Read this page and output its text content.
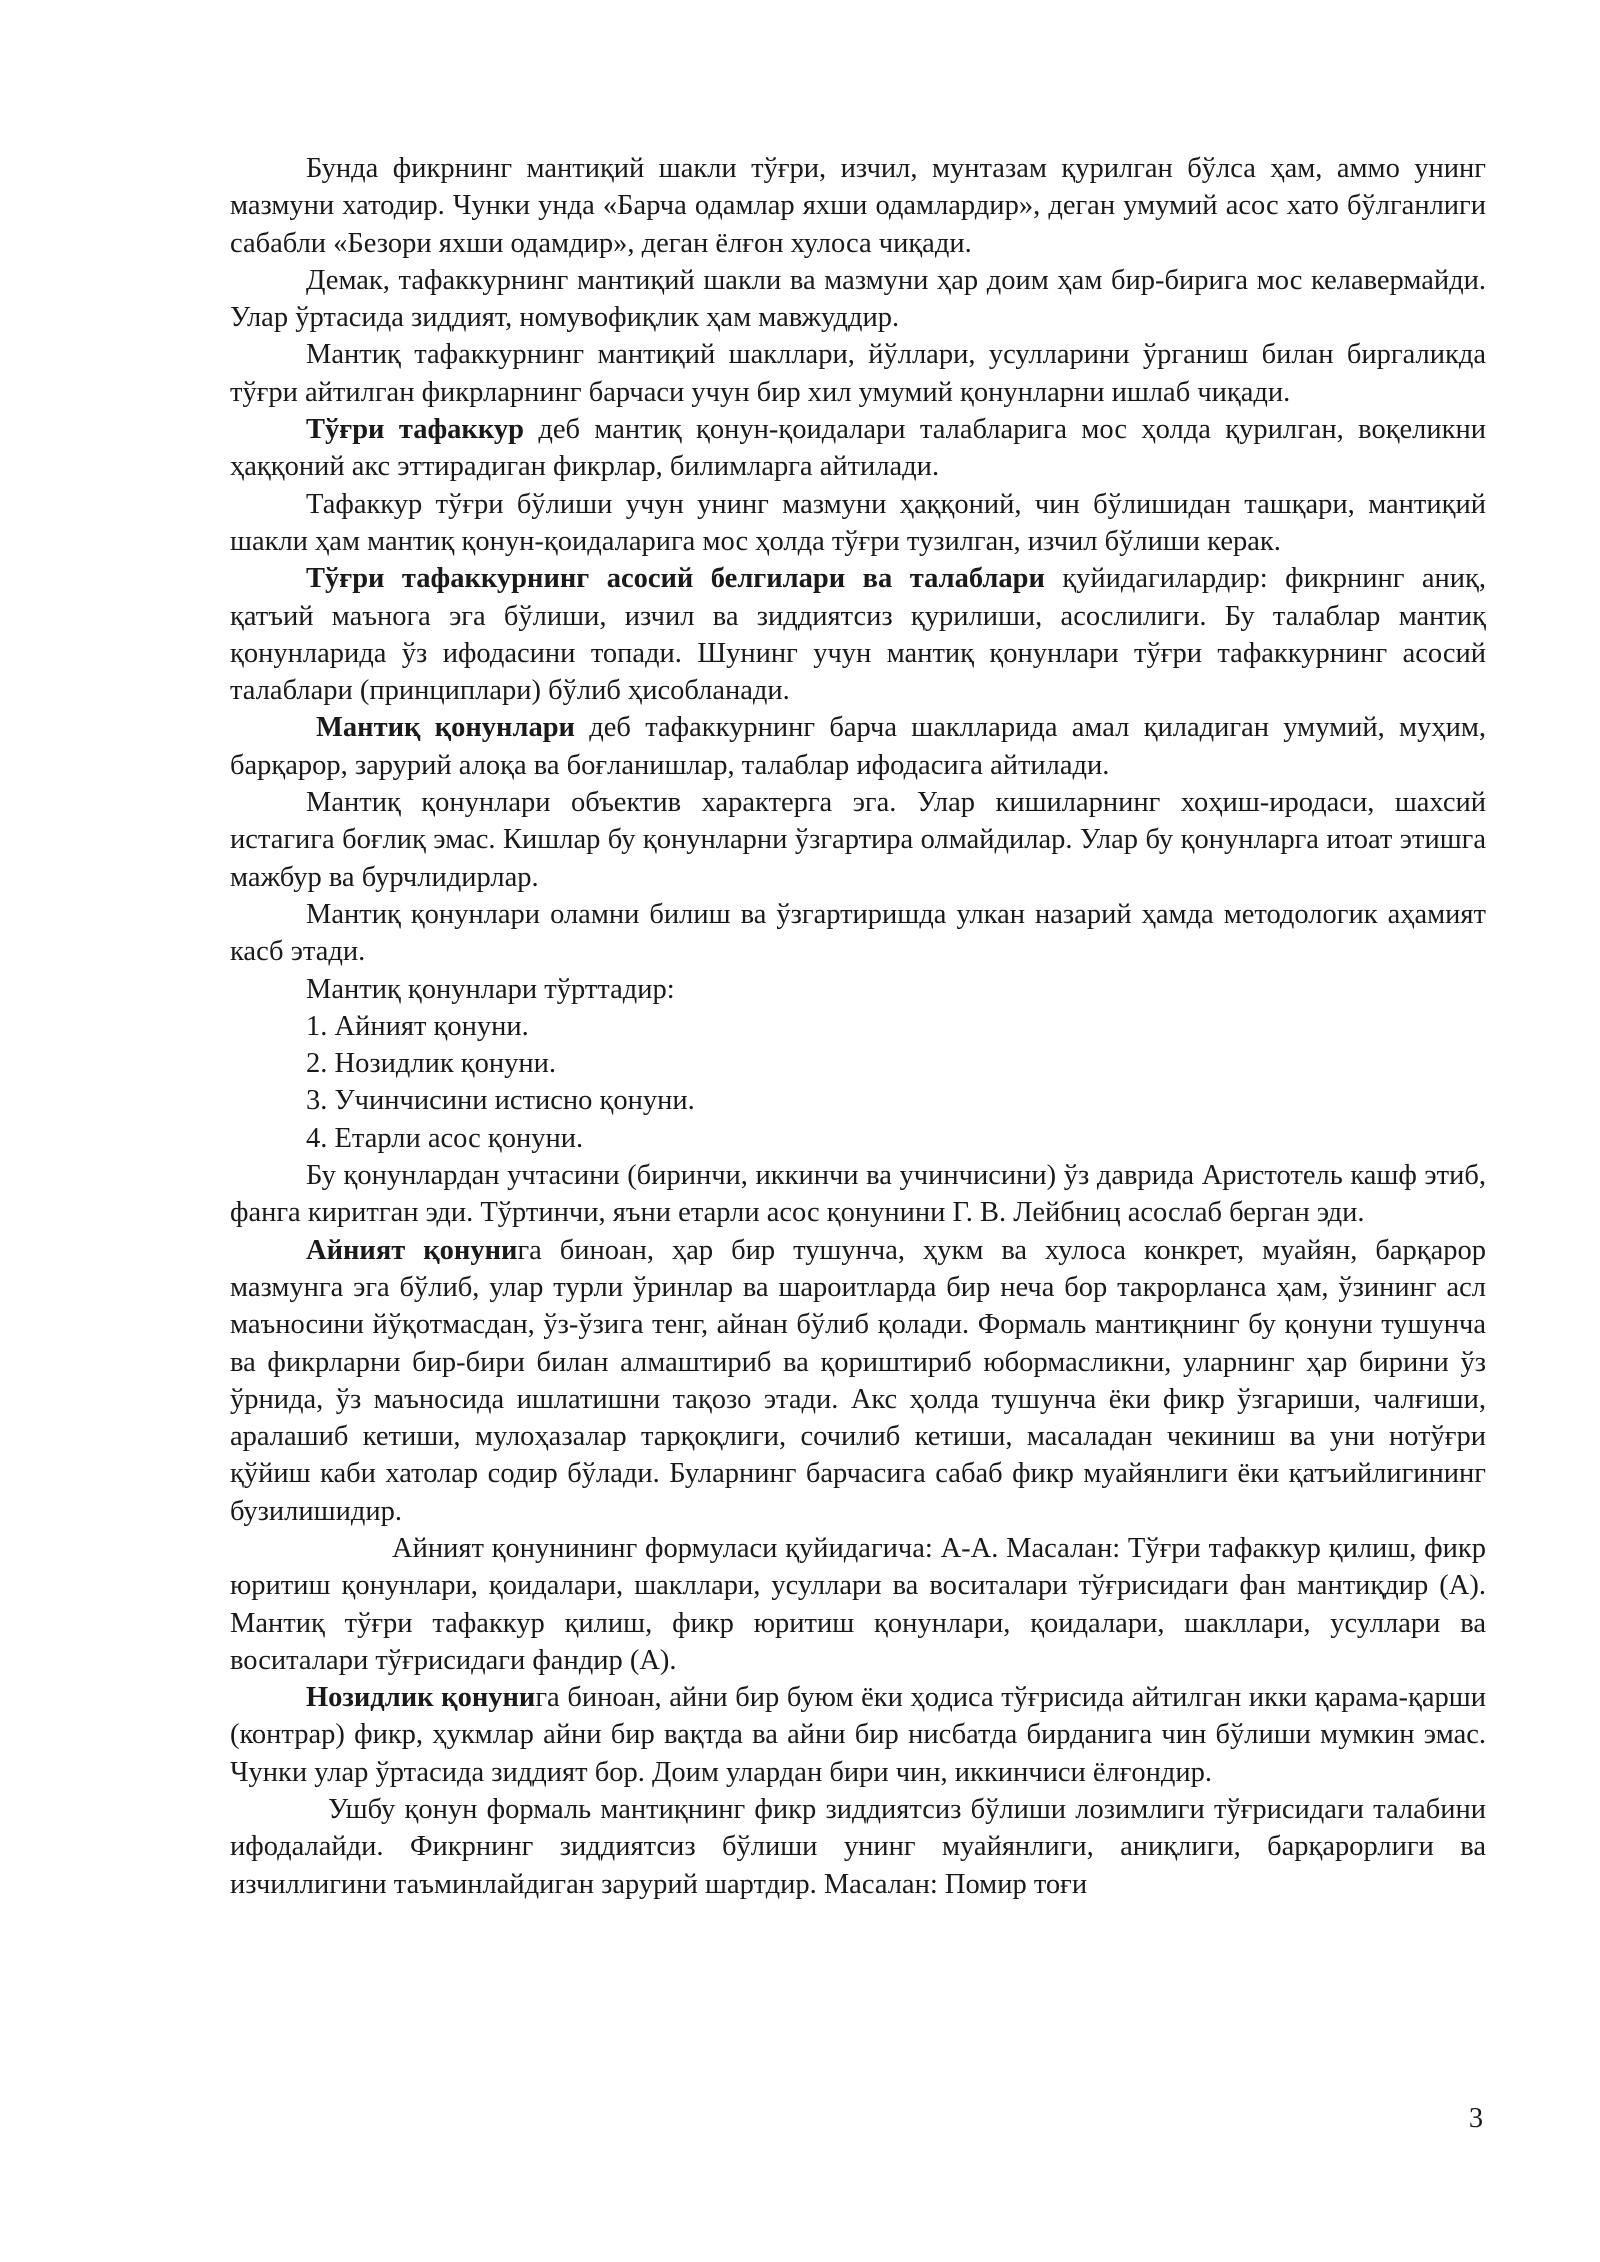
Бунда фикрнинг мантиқий шакли тўғри, изчил, мунтазам қурилган бўлса ҳам, аммо унинг мазмуни хатодир. Чунки унда «Барча одамлар яхши одамлардир», деган умумий асос хато бўлганлиги сабабли «Безори яхши одамдир», деган ёлғон хулоса чиқади.

Демак, тафаккурнинг мантиқий шакли ва мазмуни ҳар доим ҳам бир-бирига мос келавермайди. Улар ўртасида зиддият, номувофиқлик ҳам мавжуддир.

Мантиқ тафаккурнинг мантиқий шакллари, йўллари, усулларини ўрганиш билан биргаликда тўғри айтилган фикрларнинг барчаси учун бир хил умумий қонунларни ишлаб чиқади.

Тўғри тафаккур деб мантиқ қонун-қоидалари талабларига мос ҳолда қурилган, воқеликни ҳаққоний акс эттирадиган фикрлар, билимларга айтилади.

Тафаккур тўғри бўлиши учун унинг мазмуни ҳаққоний, чин бўлишидан ташқари, мантиқий шакли ҳам мантиқ қонун-қоидаларига мос ҳолда тўғри тузилган, изчил бўлиши керак.

Тўғри тафаккурнинг асосий белгилари ва талаблари қуйидагилардир: фикрнинг аниқ, қатъий маъногa эга бўлиши, изчил ва зиддиятсиз қурилиши, асослилиги. Бу талаблар мантиқ қонунларида ўз ифодасини топади. Шунинг учун мантиқ қонунлари тўғри тафаккурнинг асосий талаблари (принциплари) бўлиб ҳисобланади.

Мантиқ қонунлари деб тафаккурнинг барча шаклларида амал қиладиган умумий, муҳим, барқарор, зарурий алоқа ва боғланишлар, талаблар ифодасига айтилади.

Мантиқ қонунлари объектив характерга эга. Улар кишиларнинг хоҳиш-иродаси, шахсий истагига боғлиқ эмас. Кишлар бу қонунларни ўзгартира олмайдилар. Улар бу қонунларга итоат этишга мажбур ва бурчлидирлар.

Мантиқ қонунлари оламни билиш ва ўзгартиришда улкан назарий ҳамда методологик аҳамият касб этади.

Мантиқ қонунлари тўрттадир:

1. Айният қонуни.

2. Нозидлик қонуни.

3. Учинчисини истисно қонуни.

4. Етарли асос қонуни.

Бу қонунлардан учтасини (биринчи, иккинчи ва учинчисини) ўз даврида Аристотель кашф этиб, фанга киритган эди. Тўртинчи, яъни етарли асос қонунини Г. В. Лейбниц асослаб берган эди.

Айният қонунига биноан, ҳар бир тушунча, ҳукм ва хулоса конкрет, муайян, барқарор мазмунга эга бўлиб, улар турли ўринлар ва шароитларда бир неча бор такрорланса ҳам, ўзининг асл маъносини йўқотмасдан, ўз-ўзига тенг, айнан бўлиб қолади. Формаль мантиқнинг бу қонуни тушунча ва фикрларни бир-бири билан алмаштириб ва қориштириб юбормасликни, уларнинг ҳар бирини ўз ўрнида, ўз маъносида ишлатишни тақозо этади. Акс ҳолда тушунча ёки фикр ўзгариши, чалғиши, аралашиб кетиши, мулоҳазалар тарқоқлиги, сочилиб кетиши, масаладан чекиниш ва уни нотўғри қўйиш каби хатолар содир бўлади. Буларнинг барчасига сабаб фикр муайянлиги ёки қатъийлигининг бузилишидир.

Айният қонунининг формуласи қуйидагича: А-А. Масалан: Тўғри тафаккур қилиш, фикр юритиш қонунлари, қоидалари, шакллари, усуллари ва воситалари тўғрисидаги фан мантиқдир (А). Мантиқ тўғри тафаккур қилиш, фикр юритиш қонунлари, қоидалари, шакллари, усуллари ва воситалари тўғрисидаги фандир (А).

Нозидлик қонунига биноан, айни бир буюм ёки ҳодиса тўғрисида айтилган икки қарама-қарши (контрар) фикр, ҳукмлар айни бир вақтда ва айни бир нисбатда бирданига чин бўлиши мумкин эмас. Чунки улар ўртасида зиддият бор. Доим улардан бири чин, иккинчиси ёлғондир.

Ушбу қонун формаль мантиқнинг фикр зиддиятсиз бўлиши лозимлиги тўғрисидаги талабини ифодалайди. Фикрнинг зиддиятсиз бўлиши унинг муайянлиги, аниқлиги, барқарорлиги ва изчиллигини таъминлайдиган зарурий шартдир. Масалан: Помир тоғи

3
